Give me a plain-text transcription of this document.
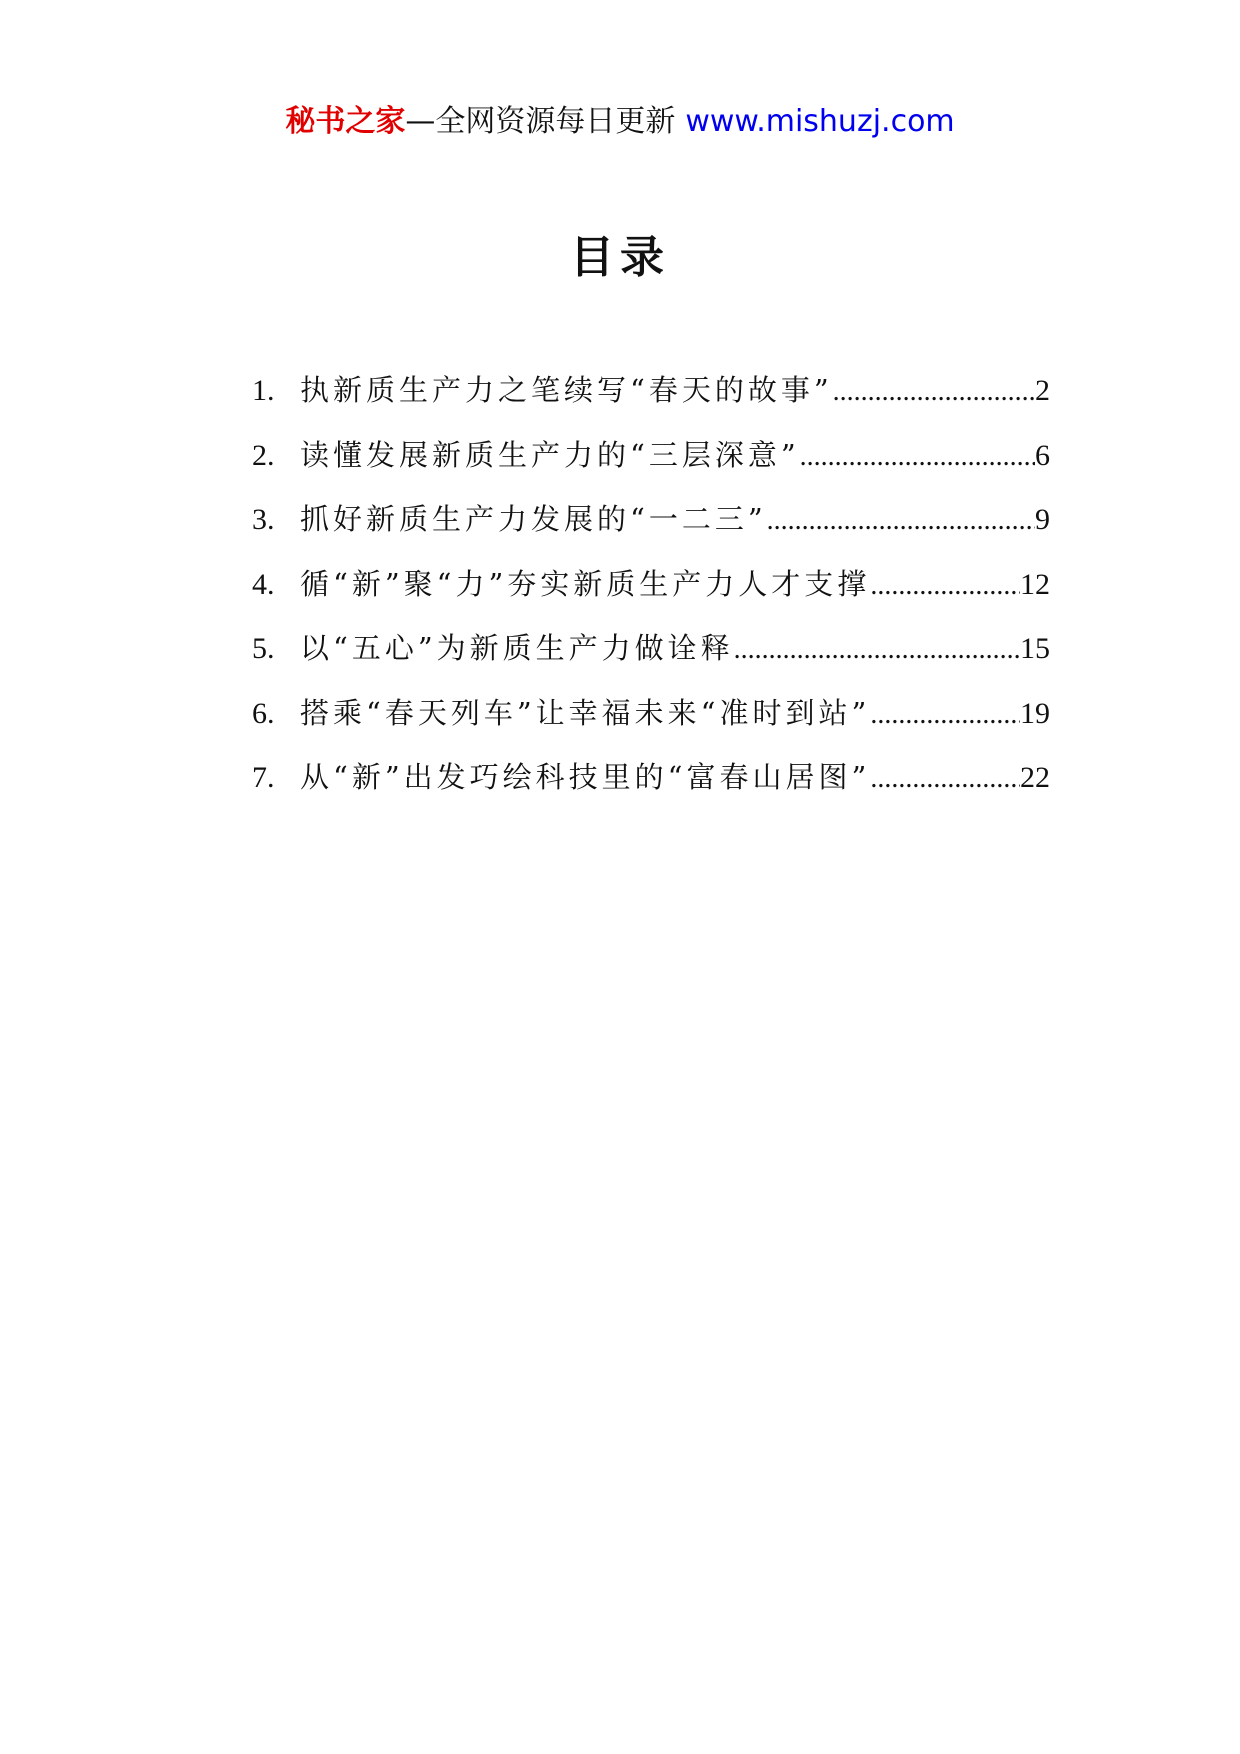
秘书之家—全网资源每日更新 www.mishuzj.com
目录
1. 执新质生产力之笔续写“春天的故事” .....	2
2. 读懂发展新质生产力的“三层深意” .....	6
3. 抓好新质生产力发展的“一二三” .....	9
4. 循“新”聚“力”夯实新质生产力人才支撑 .....	12
5. 以“五心”为新质生产力做诠释 .....	15
6. 搭乘“春天列车”让幸福未来“准时到站” .....	19
7. 从“新”出发巧绘科技里的“富春山居图” .....	22
